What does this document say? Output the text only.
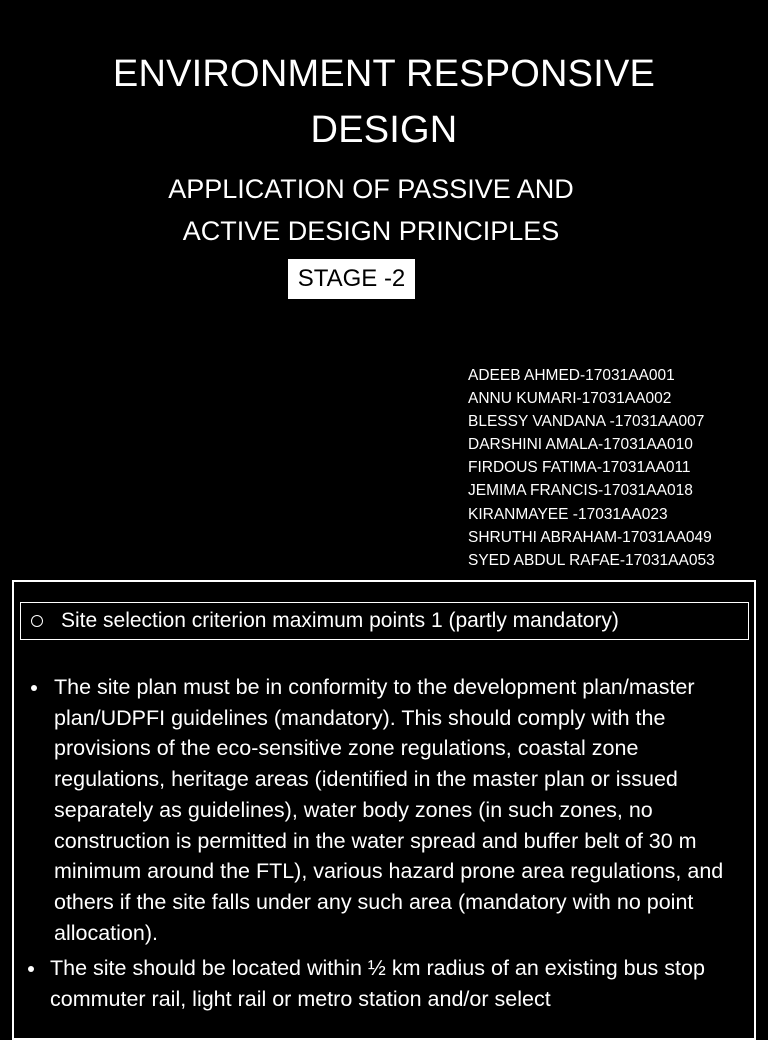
ENVIRONMENT RESPONSIVE
DESIGN
APPLICATION OF PASSIVE AND
ACTIVE DESIGN PRINCIPLES
STAGE -2
ADEEB AHMED-17031AA001
ANNU KUMARI-17031AA002
BLESSY VANDANA -17031AA007
DARSHINI AMALA-17031AA010
FIRDOUS FATIMA-17031AA011
JEMIMA FRANCIS-17031AA018
KIRANMAYEE -17031AA023
SHRUTHI ABRAHAM-17031AA049
SYED ABDUL RAFAE-17031AA053
Site selection criterion maximum points 1 (partly mandatory)
The site plan must be in conformity to the development plan/master plan/UDPFI guidelines (mandatory). This should comply with the provisions of the eco-sensitive zone regulations, coastal zone regulations, heritage areas (identified in the master plan or issued separately as guidelines), water body zones (in such zones, no construction is permitted in the water spread and buffer belt of 30 m minimum around the FTL), various hazard prone area regulations, and others if the site falls under any such area (mandatory with no point allocation).
The site should be located within ½ km radius of an existing bus stop commuter rail, light rail or metro station and/or select
